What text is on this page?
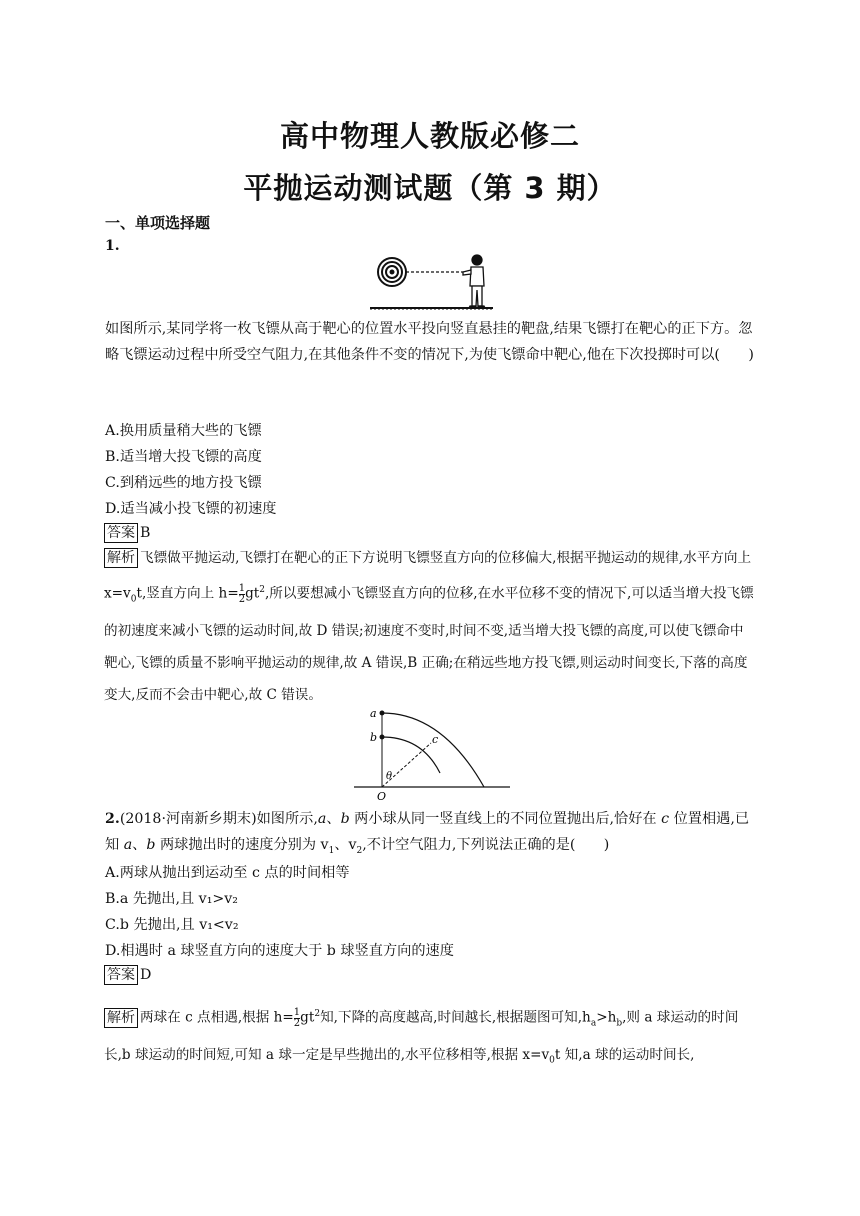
高中物理人教版必修二
平抛运动测试题（第 3 期）
一、单项选择题
1.
如图所示,某同学将一枚飞镖从高于靶心的位置水平投向竖直悬挂的靶盘,结果飞镖打在靶心的正下方。忽略飞镖运动过程中所受空气阻力,在其他条件不变的情况下,为使飞镖命中靶心,他在下次投掷时可以(　　)
A.换用质量稍大些的飞镖
B.适当增大投飞镖的高度
C.到稍远些的地方投飞镖
D.适当减小投飞镖的初速度
答案 B
解析 飞镖做平抛运动,飞镖打在靶心的正下方说明飞镖竖直方向的位移偏大,根据平抛运动的规律,水平方向上 $x=v_0t$,竖直方向上 $h= \frac{1}{2} gt^2$,所以要想减小飞镖竖直方向的位移,在水平位移不变的情况下,可以适当增大投飞镖的初速度来减小飞镖的运动时间,故 D 错误;初速度不变时,时间不变,适当增大投飞镖的高度,可以使飞镖命中靶心,飞镖的质量不影响平抛运动的规律,故 A 错误,B 正确;在稍远些地方投飞镖,则运动时间变长,下落的高度变大,反而不会击中靶心,故 C 错误。
a
b	c
θ
O
2.(2018·河南新乡期末)如图所示,a、b 两小球从同一竖直线上的不同位置抛出后,恰好在 c 位置相遇,已知 a、b 两球抛出时的速度分别为 $v_1$、$v_2$,不计空气阻力,下列说法正确的是(　　)
A.两球从抛出到运动至 c 点的时间相等
B.a 先抛出,且 v₁>v₂
C.b 先抛出,且 v₁<v₂
D.相遇时 a 球竖直方向的速度大于 b 球竖直方向的速度
答案 D
解析 两球在 c 点相遇,根据 $h= \frac{1}{2} gt^2$知,下降的高度越高,时间越长,根据题图可知$,h_a>h_b$,则 a 球运动的时间长,b 球运动的时间短,可知 a 球一定是早些抛出的,水平位移相等,根据 $x=v_0t$ 知,a 球的运动时间长,
